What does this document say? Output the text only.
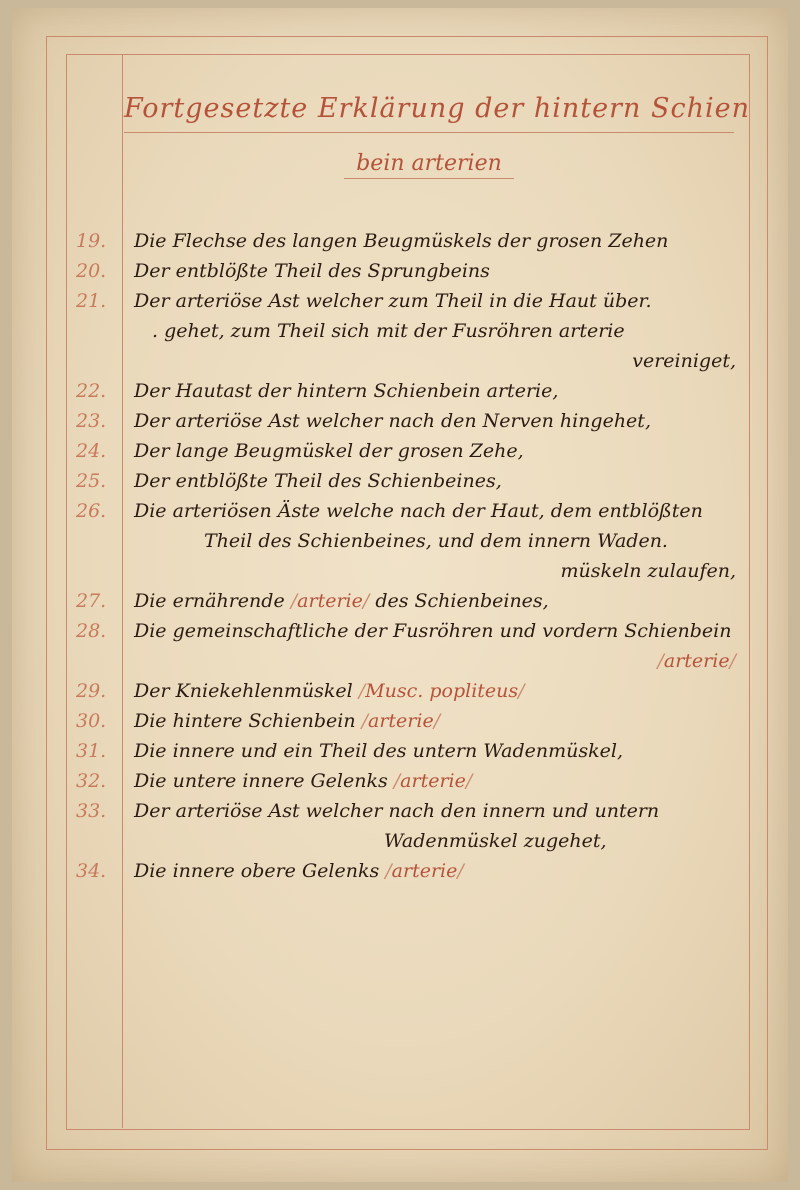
Fortgesetzte Erklärung der hintern Schien
bein arterien
19.	Die Flechse des langen Beugmüskels der grosen Zehen
20.	Der entblößte Theil des Sprungbeins
21.	Der arteriöse Ast welcher zum Theil in die Haut über.
. gehet, zum Theil sich mit der Fusröhren arterie
vereiniget,
22.	Der Hautast der hintern Schienbein arterie,
23.	Der arteriöse Ast welcher nach den Nerven hingehet,
24.	Der lange Beugmüskel der grosen Zehe,
25.	Der entblößte Theil des Schienbeines,
26.	Die arteriösen Äste welche nach der Haut, dem entblößten
Theil des Schienbeines, und dem innern Waden.
müskeln zulaufen,
27.	Die ernährende /arterie/ des Schienbeines,
28.	Die gemeinschaftliche der Fusröhren und vordern Schienbein
/arterie/
29.	Der Kniekehlenmüskel /Musc. popliteus/
30.	Die hintere Schienbein /arterie/
31.	Die innere und ein Theil des untern Wadenmüskel,
32.	Die untere innere Gelenks /arterie/
33.	Der arteriöse Ast welcher nach den innern und untern
Wadenmüskel zugehet,
34.	Die innere obere Gelenks /arterie/
